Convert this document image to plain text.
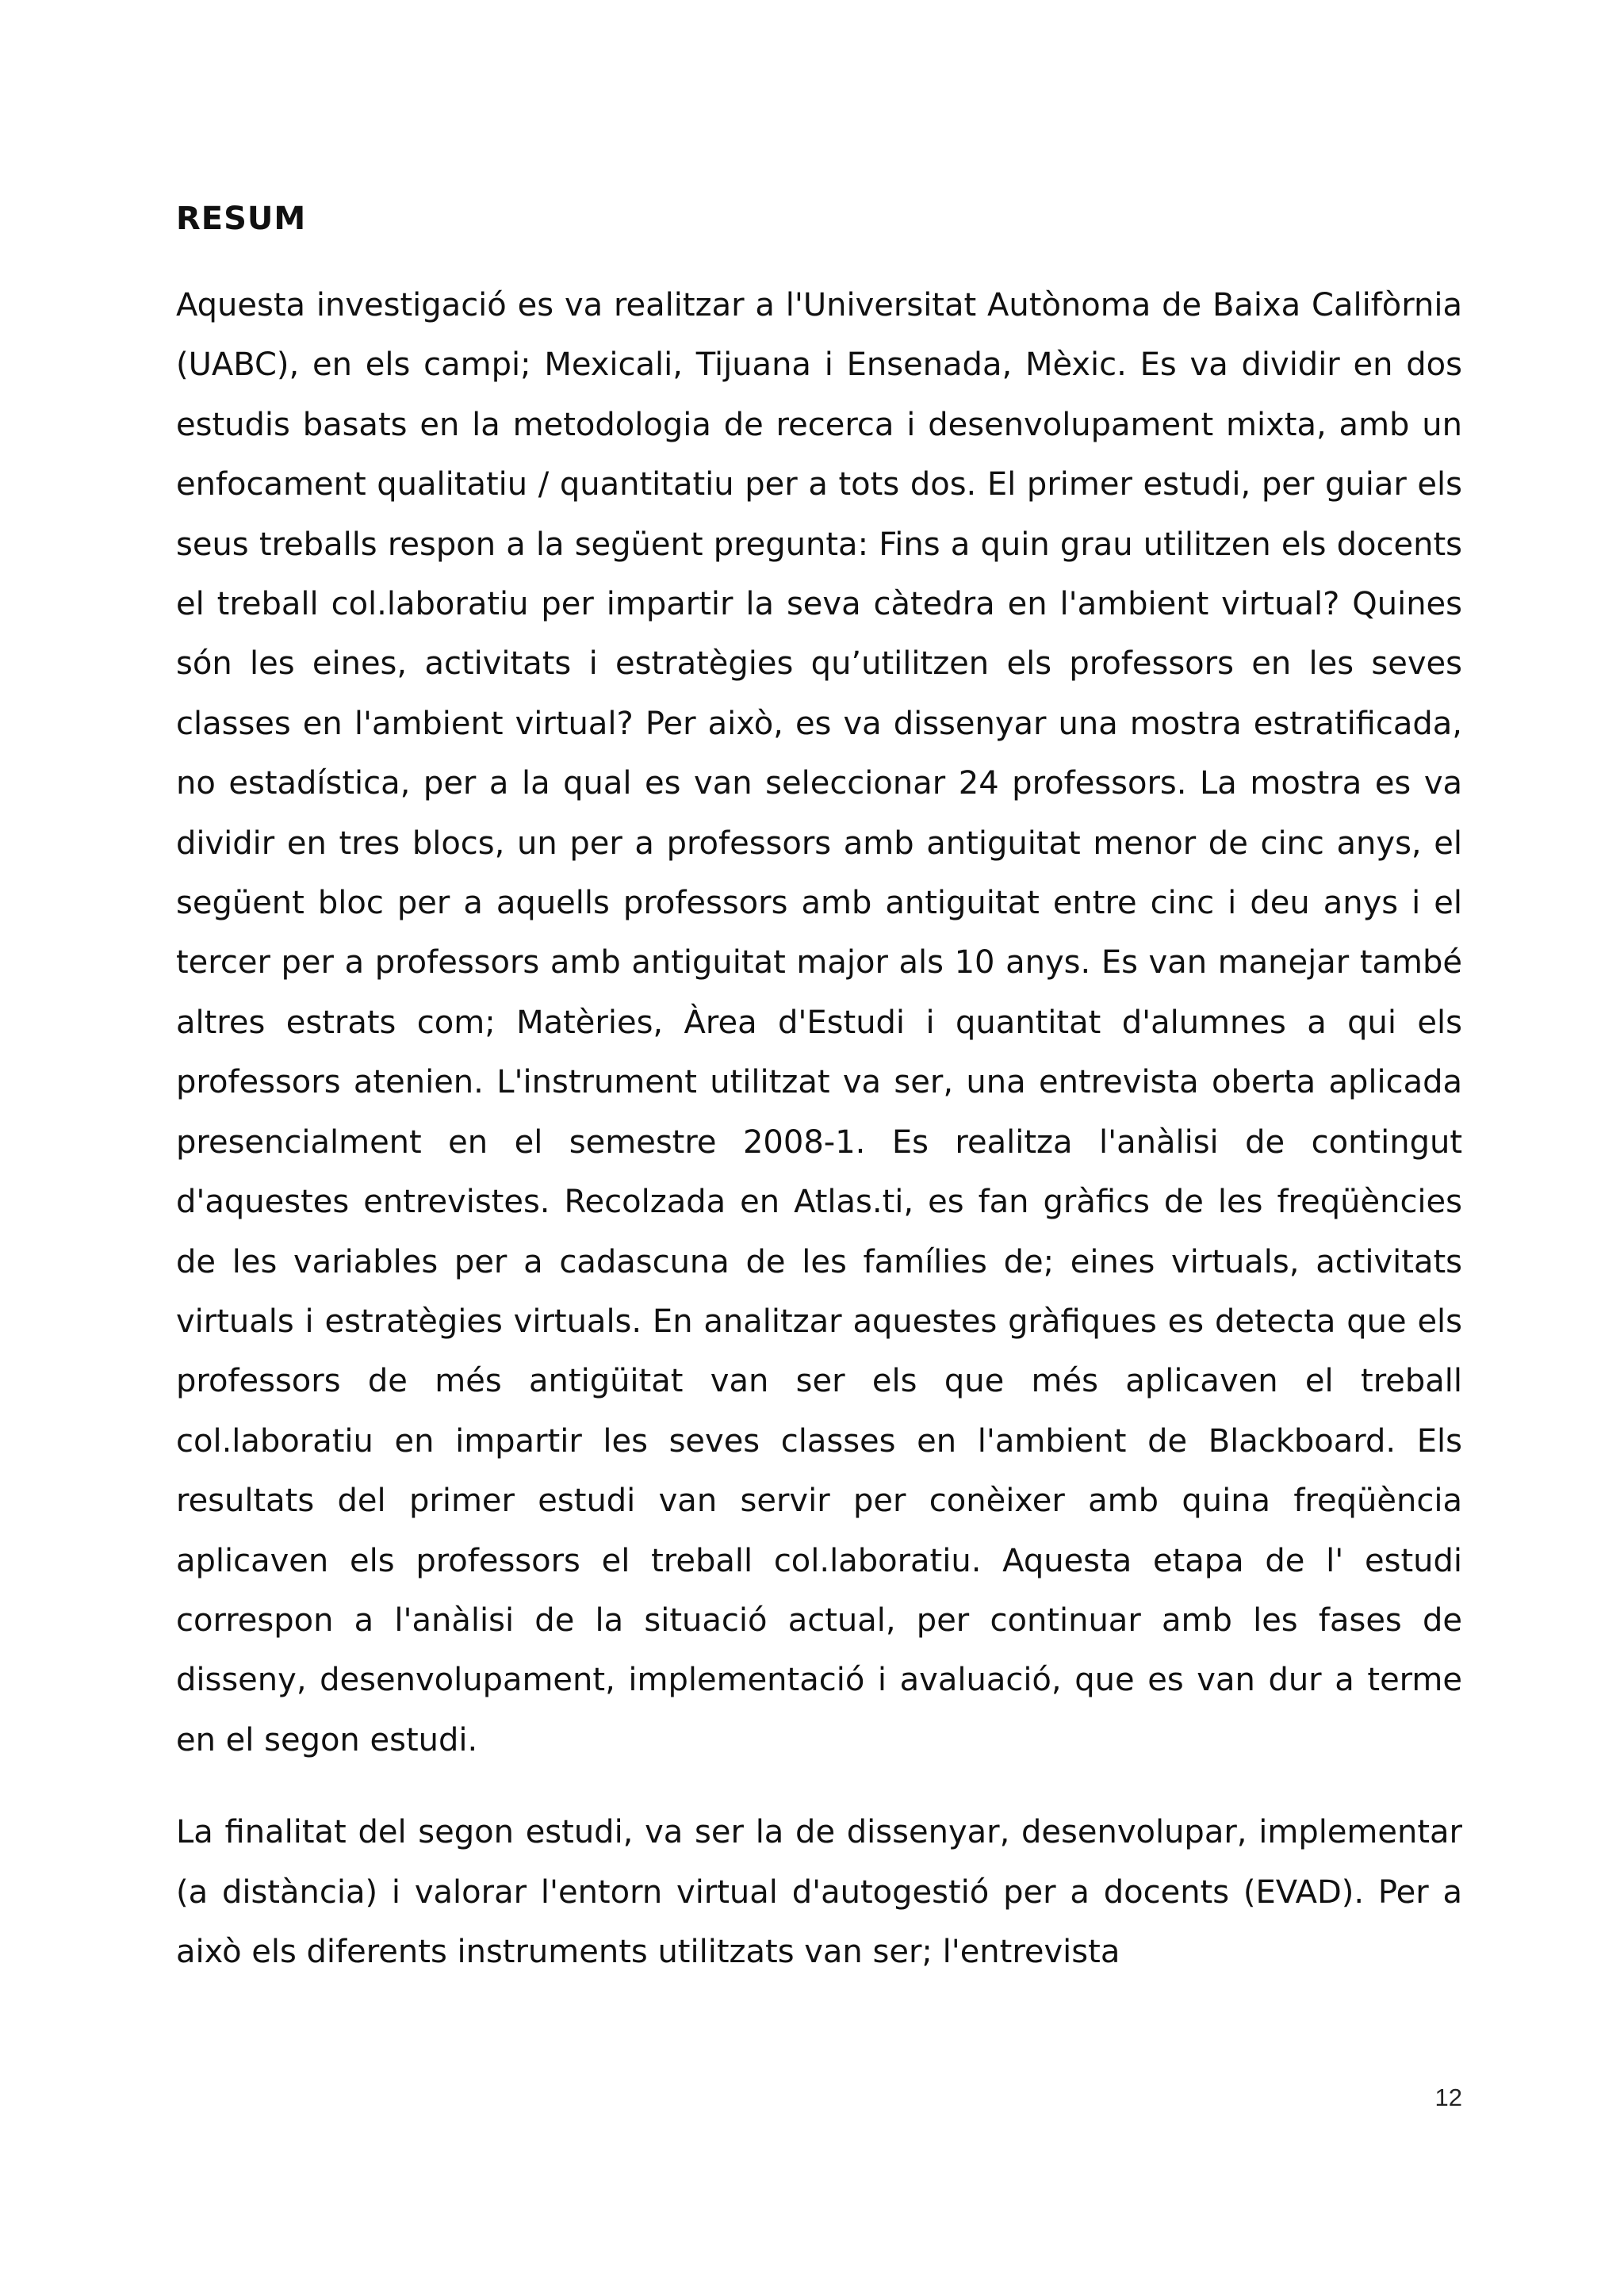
RESUM

Aquesta investigació es va realitzar a l'Universitat Autònoma de Baixa Califòrnia (UABC), en els campi; Mexicali, Tijuana i Ensenada, Mèxic. Es va dividir en dos estudis basats en la metodologia de recerca i desenvolupament mixta, amb un enfocament qualitatiu / quantitatiu per a tots dos. El primer estudi, per guiar els seus treballs respon a la següent pregunta: Fins a quin grau utilitzen els docents el treball col.laboratiu per impartir la seva càtedra en l'ambient virtual? Quines són les eines, activitats i estratègies qu’utilitzen els professors en les seves classes en l'ambient virtual? Per això, es va dissenyar una mostra estratificada, no estadística, per a la qual es van seleccionar 24 professors. La mostra es va dividir en tres blocs, un per a professors amb antiguitat menor de cinc anys, el següent bloc per a aquells professors amb antiguitat entre cinc i deu anys i el tercer per a professors amb antiguitat major als 10 anys. Es van manejar també altres estrats com; Matèries, Àrea d'Estudi i quantitat d'alumnes a qui els professors atenien. L'instrument utilitzat va ser, una entrevista oberta aplicada presencialment en el semestre 2008-1. Es realitza l'anàlisi de contingut d'aquestes entrevistes. Recolzada en Atlas.ti, es fan gràfics de les freqüències de les variables per a cadascuna de les famílies de; eines virtuals, activitats virtuals i estratègies virtuals. En analitzar aquestes gràfiques es detecta que els professors de més antigüitat van ser els que més aplicaven el treball col.laboratiu en impartir les seves classes en l'ambient de Blackboard. Els resultats del primer estudi van servir per conèixer amb quina freqüència aplicaven els professors el treball col.laboratiu. Aquesta etapa de l' estudi correspon a l'anàlisi de la situació actual, per continuar amb les fases de disseny, desenvolupament, implementació i avaluació, que es van dur a terme en el segon estudi.

La finalitat del segon estudi, va ser la de dissenyar, desenvolupar, implementar (a distància) i valorar l'entorn virtual d'autogestió per a docents (EVAD). Per a això els diferents instruments utilitzats van ser; l'entrevista

12
